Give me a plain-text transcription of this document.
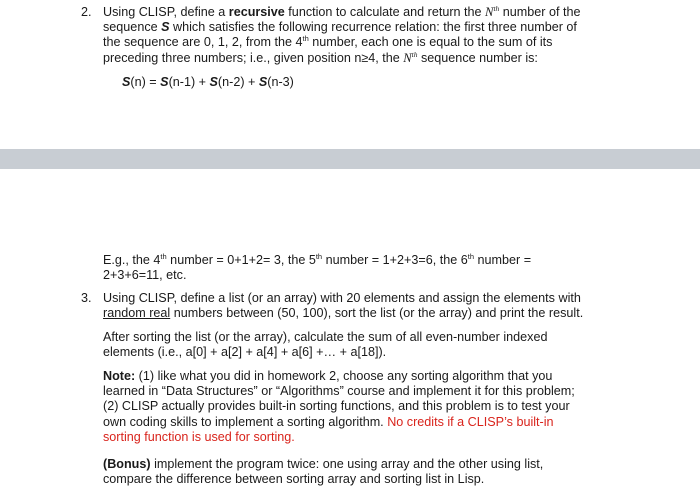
2. Using CLISP, define a recursive function to calculate and return the $N^{th}$ number of the
sequence S which satisfies the following recurrence relation: the first three number of
the sequence are 0, 1, 2, from the 4th number, each one is equal to the sum of its
preceding three numbers; i.e., given position n≥4, the $N^{th}$ sequence number is:
S(n) = S(n-1) + S(n-2) + S(n-3)
E.g., the 4th number = 0+1+2= 3, the 5th number = 1+2+3=6, the 6th number =
2+3+6=11, etc.
3. Using CLISP, define a list (or an array) with 20 elements and assign the elements with
random real numbers between (50, 100), sort the list (or the array) and print the result.
After sorting the list (or the array), calculate the sum of all even-number indexed
elements (i.e., a[0] + a[2] + a[4] + a[6] +… + a[18]).
Note: (1) like what you did in homework 2, choose any sorting algorithm that you
learned in “Data Structures” or “Algorithms” course and implement it for this problem;
(2) CLISP actually provides built-in sorting functions, and this problem is to test your
own coding skills to implement a sorting algorithm. No credits if a CLISP’s built-in
sorting function is used for sorting.
(Bonus) implement the program twice: one using array and the other using list,
compare the difference between sorting array and sorting list in Lisp.
